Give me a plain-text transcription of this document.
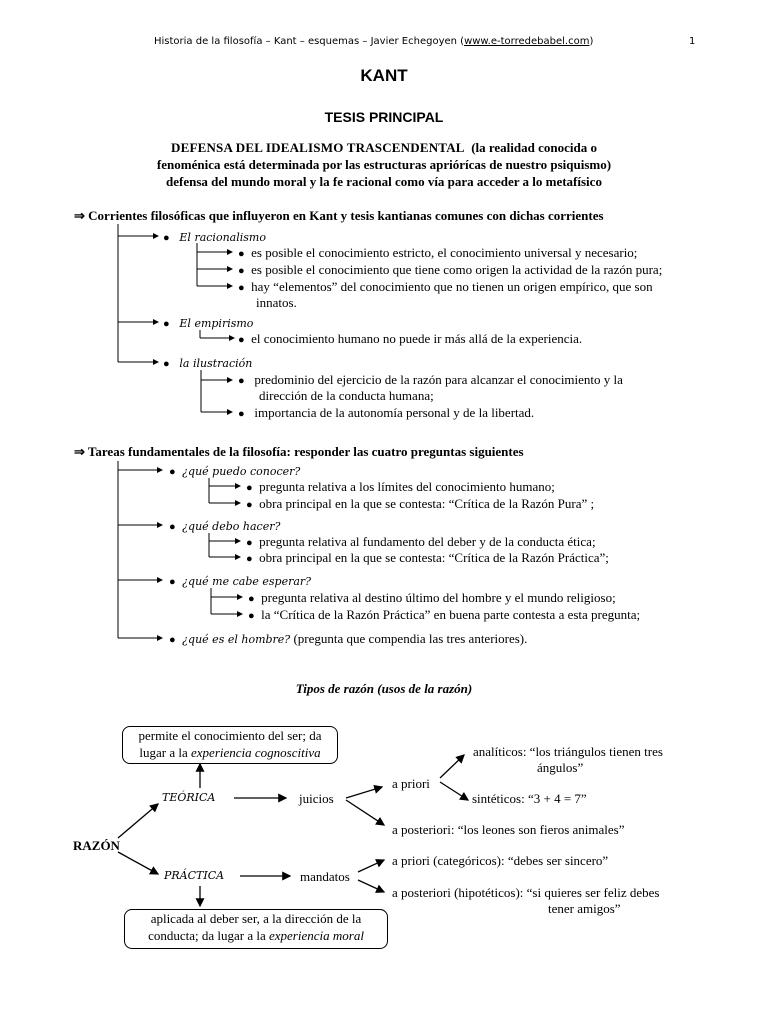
Historia de la filosofía – Kant – esquemas – Javier Echegoyen (www.e-torredebabel.com)	1
KANT
TESIS PRINCIPAL
DEFENSA DEL IDEALISMO TRASCENDENTAL (la realidad conocida o
fenoménica está determinada por las estructuras apriórícas de nuestro psiquismo)
defensa del mundo moral y la fe racional como vía para acceder a lo metafísico
⇒ Corrientes filosóficas que influyeron en Kant y tesis kantianas comunes con dichas corrientes
● El racionalismo
● es posible el conocimiento estricto, el conocimiento universal y necesario;
● es posible el conocimiento que tiene como origen la actividad de la razón pura;
● hay “elementos” del conocimiento que no tienen un origen empírico, que son
innatos.
● El empirismo
● el conocimiento humano no puede ir más allá de la experiencia.
● la ilustración
● predominio del ejercicio de la razón para alcanzar el conocimiento y la
dirección de la conducta humana;
● importancia de la autonomía personal y de la libertad.
⇒ Tareas fundamentales de la filosofía: responder las cuatro preguntas siguientes
● ¿qué puedo conocer?
● pregunta relativa a los límites del conocimiento humano;
● obra principal en la que se contesta: “Crítica de la Razón Pura” ;
● ¿qué debo hacer?
● pregunta relativa al fundamento del deber y de la conducta ética;
● obra principal en la que se contesta: “Crítica de la Razón Práctica”;
● ¿qué me cabe esperar?
● pregunta relativa al destino último del hombre y el mundo religioso;
● la “Crítica de la Razón Práctica” en buena parte contesta a esta pregunta;
● ¿qué es el hombre? (pregunta que compendia las tres anteriores).
Tipos de razón (usos de la razón)
permite el conocimiento del ser; da
lugar a la experiencia cognoscitiva
aplicada al deber ser, a la dirección de la
conducta; da lugar a la experiencia moral
RAZÓN
TEÓRICA
PRÁCTICA
juicios
mandatos
a priori
analíticos: “los triángulos tienen tres
ángulos”
sintéticos: “3 + 4 = 7”
a posteriori: “los leones son fieros animales”
a priori (categóricos): “debes ser sincero”
a posteriori (hipotéticos): “si quieres ser feliz debes
tener amigos”
